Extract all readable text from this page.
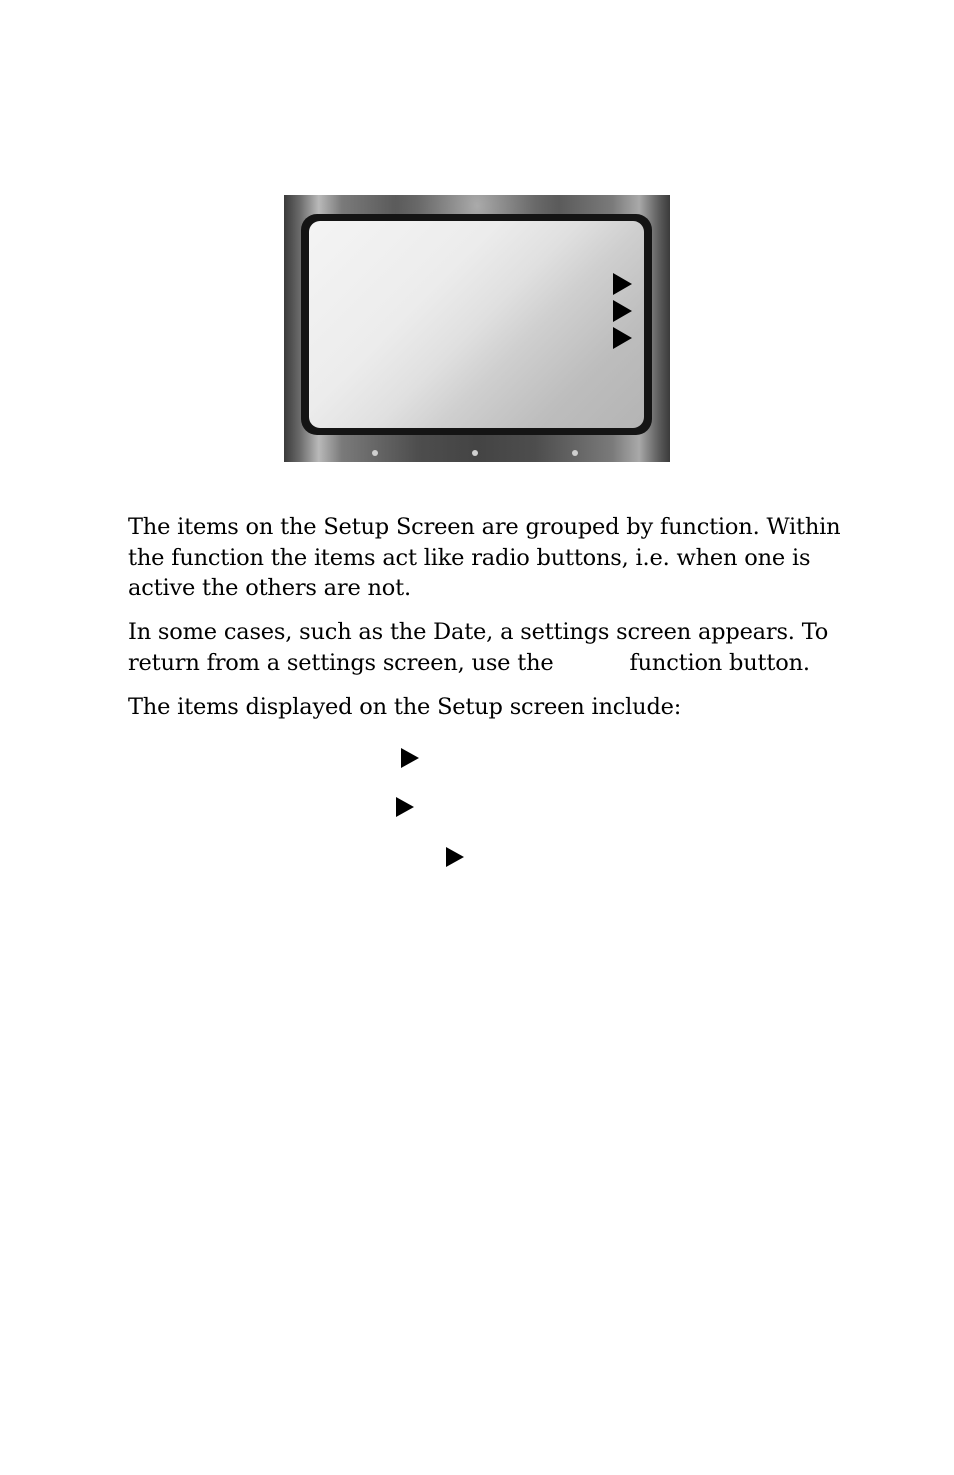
The items on the Setup Screen are grouped by function. Within
the function the items act like radio buttons, i.e. when one is
active the others are not.

In some cases, such as the Date, a settings screen appears. To
return from a settings screen, use the	function button.

The items displayed on the Setup screen include:
